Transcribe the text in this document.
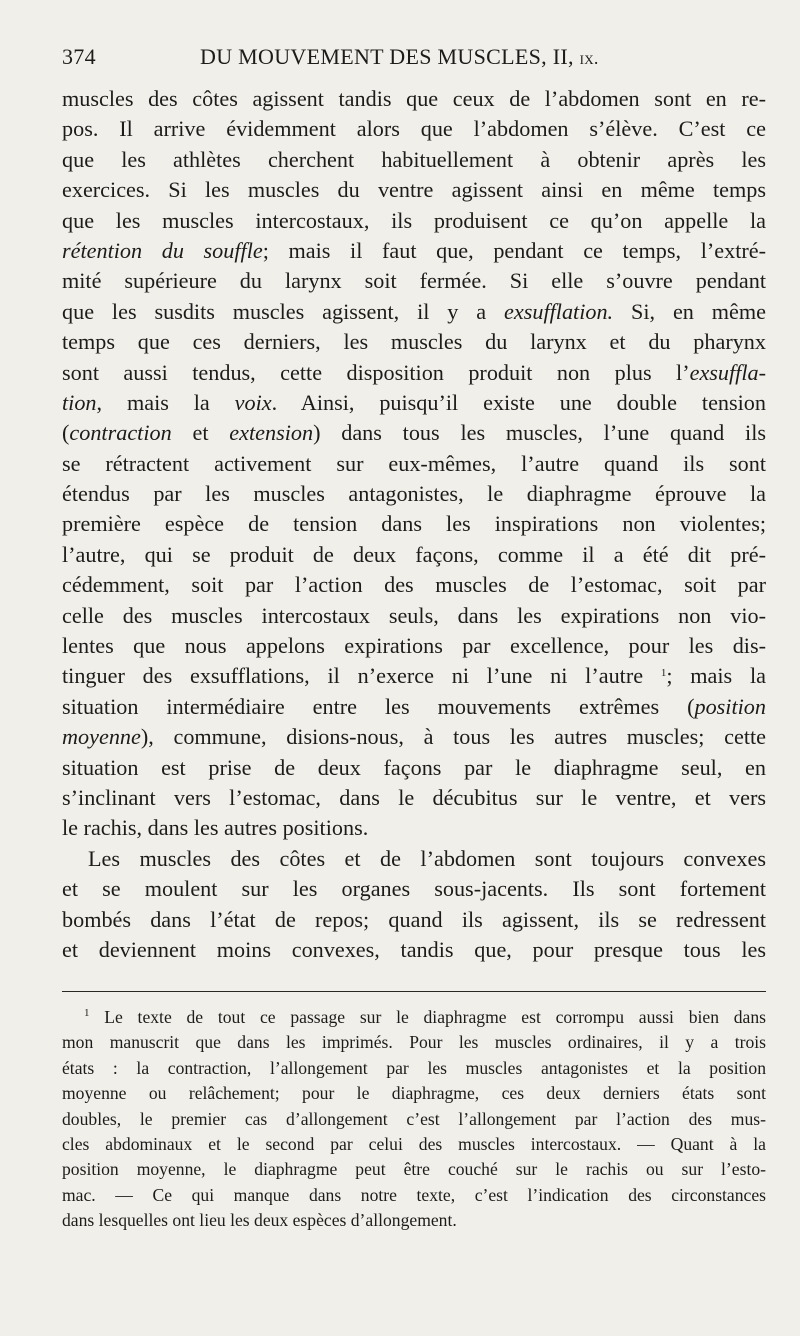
374	DU MOUVEMENT DES MUSCLES, II, ix.
muscles des côtes agissent tandis que ceux de l’abdomen sont en re-
pos. Il arrive évidemment alors que l’abdomen s’élève. C’est ce
que les athlètes cherchent habituellement à obtenir après les
exercices. Si les muscles du ventre agissent ainsi en même temps
que les muscles intercostaux, ils produisent ce qu’on appelle la
rétention du souffle; mais il faut que, pendant ce temps, l’extré-
mité supérieure du larynx soit fermée. Si elle s’ouvre pendant
que les susdits muscles agissent, il y a exsufflation. Si, en même
temps que ces derniers, les muscles du larynx et du pharynx
sont aussi tendus, cette disposition produit non plus l’exsuffla-
tion, mais la voix. Ainsi, puisqu’il existe une double tension
(contraction et extension) dans tous les muscles, l’une quand ils
se rétractent activement sur eux-mêmes, l’autre quand ils sont
étendus par les muscles antagonistes, le diaphragme éprouve la
première espèce de tension dans les inspirations non violentes;
l’autre, qui se produit de deux façons, comme il a été dit pré-
cédemment, soit par l’action des muscles de l’estomac, soit par
celle des muscles intercostaux seuls, dans les expirations non vio-
lentes que nous appelons expirations par excellence, pour les dis-
tinguer des exsufflations, il n’exerce ni l’une ni l’autre $^1$; mais la
situation intermédiaire entre les mouvements extrêmes (position
moyenne), commune, disions-nous, à tous les autres muscles; cette
situation est prise de deux façons par le diaphragme seul, en
s’inclinant vers l’estomac, dans le décubitus sur le ventre, et vers
le rachis, dans les autres positions.
Les muscles des côtes et de l’abdomen sont toujours convexes
et se moulent sur les organes sous-jacents. Ils sont fortement
bombés dans l’état de repos; quand ils agissent, ils se redressent
et deviennent moins convexes, tandis que, pour presque tous les
$^1$ Le texte de tout ce passage sur le diaphragme est corrompu aussi bien dans
mon manuscrit que dans les imprimés. Pour les muscles ordinaires, il y a trois
états : la contraction, l’allongement par les muscles antagonistes et la position
moyenne ou relâchement; pour le diaphragme, ces deux derniers états sont
doubles, le premier cas d’allongement c’est l’allongement par l’action des mus-
cles abdominaux et le second par celui des muscles intercostaux. — Quant à la
position moyenne, le diaphragme peut être couché sur le rachis ou sur l’esto-
mac. — Ce qui manque dans notre texte, c’est l’indication des circonstances
dans lesquelles ont lieu les deux espèces d’allongement.
